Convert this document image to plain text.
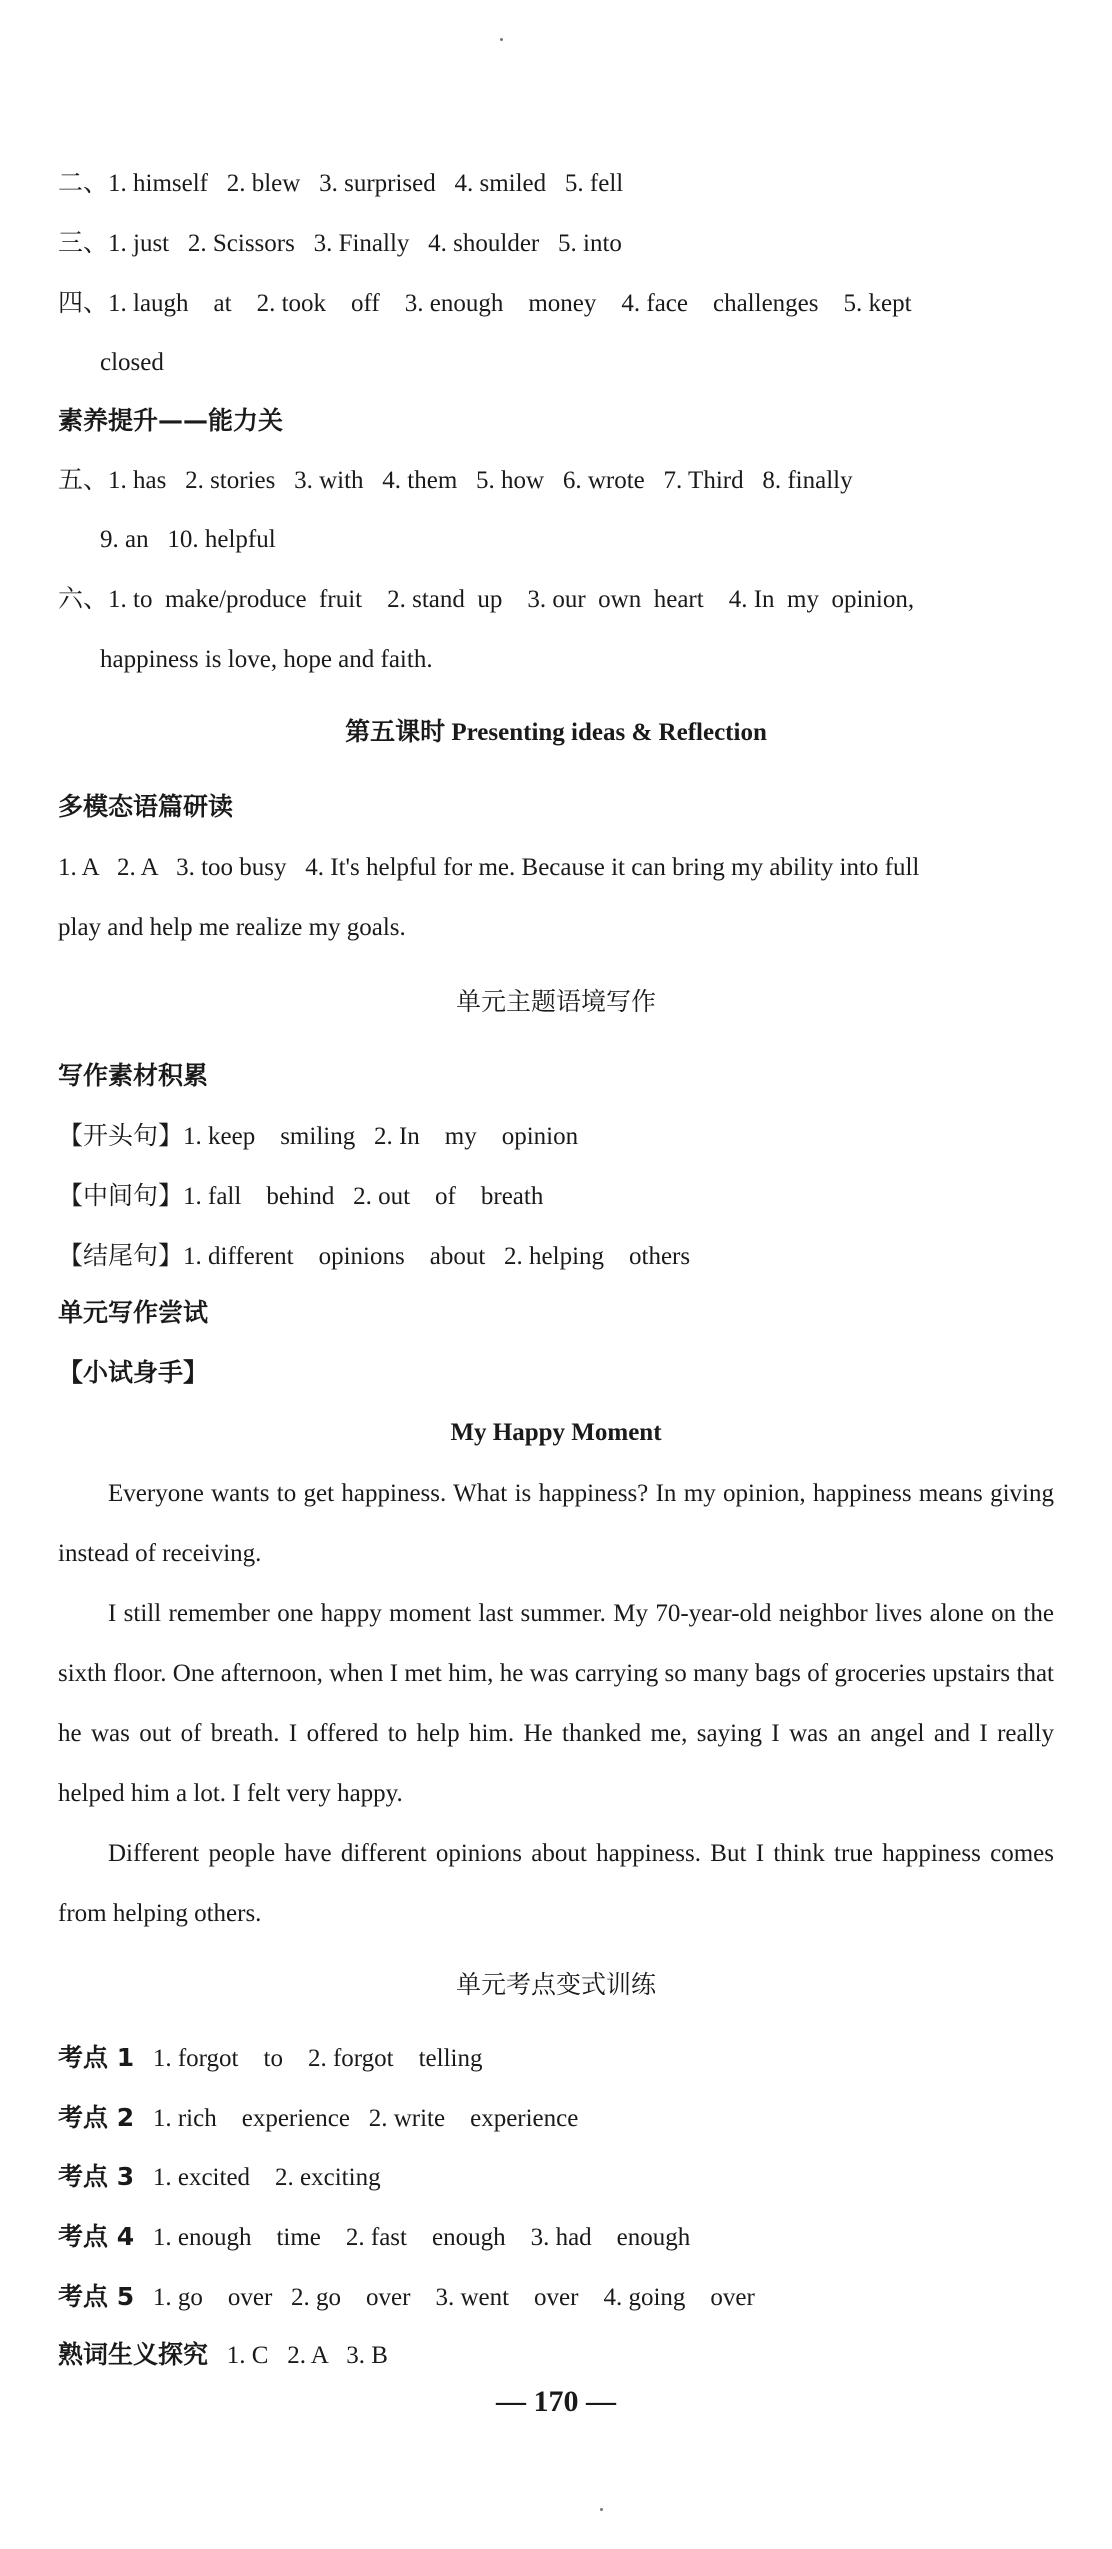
二、1. himself   2. blew   3. surprised   4. smiled   5. fell
三、1. just   2. Scissors   3. Finally   4. shoulder   5. into
四、1. laugh    at    2. took    off    3. enough    money    4. face    challenges    5. kept
closed
素养提升——能力关
五、1. has   2. stories   3. with   4. them   5. how   6. wrote   7. Third   8. finally
9. an   10. helpful
六、1. to  make/produce  fruit    2. stand  up    3. our  own  heart    4. In  my  opinion,
happiness is love, hope and faith.
第五课时 Presenting ideas & Reflection
多模态语篇研读
1. A   2. A   3. too busy   4. It's helpful for me. Because it can bring my ability into full
play and help me realize my goals.
单元主题语境写作
写作素材积累
【开头句】1. keep    smiling   2. In    my    opinion
【中间句】1. fall    behind   2. out    of    breath
【结尾句】1. different    opinions    about   2. helping    others
单元写作尝试
【小试身手】
My Happy Moment

Everyone wants to get happiness. What is happiness? In my opinion, happiness means giving instead of receiving.

I still remember one happy moment last summer. My 70-year-old neighbor lives alone on the sixth floor. One afternoon, when I met him, he was carrying so many bags of groceries upstairs that he was out of breath. I offered to help him. He thanked me, saying I was an angel and I really helped him a lot. I felt very happy.

Different people have different opinions about happiness. But I think true happiness comes from helping others.

单元考点变式训练
考点 1 1. forgot    to    2. forgot    telling
考点 2 1. rich    experience   2. write    experience
考点 3 1. excited    2. exciting
考点 4 1. enough    time    2. fast    enough    3. had    enough
考点 5 1. go    over   2. go    over    3. went    over    4. going    over
熟词生义探究 1. C   2. A   3. B
— 170 —
